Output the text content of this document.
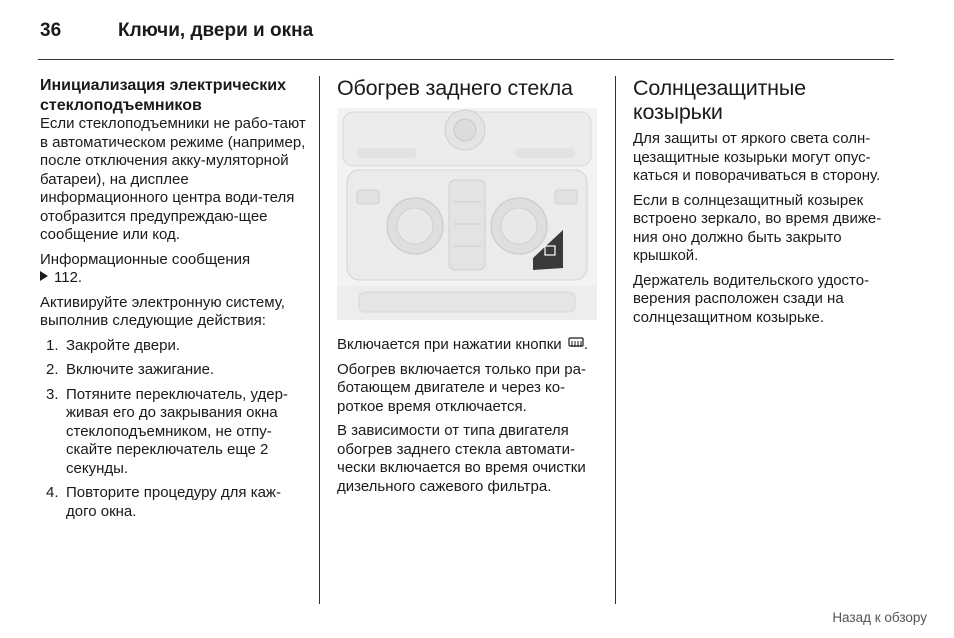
36	Ключи, двери и окна
Инициализация электрических стеклоподъемников

Если стеклоподъемники не рабо-тают в автоматическом режиме (например, после отключения акку-муляторной батареи), на дисплее информационного центра води-теля отобразится предупреждаю-щее сообщение или код.

Информационные сообщения
112.

Активируйте электронную систему, выполнив следующие действия:

1. Закройте двери.
2. Включите зажигание.
3. Потяните переключатель, удер-живая его до закрывания окна стеклоподъемником, не отпу-скайте переключатель еще 2 секунды.
4. Повторите процедуру для каж-дого окна.
Обогрев заднего стекла

Включается при нажатии кнопки .

Обогрев включается только при ра-ботающем двигателе и через ко-роткое время отключается.

В зависимости от типа двигателя обогрев заднего стекла автомати-чески включается во время очистки дизельного сажевого фильтра.

Солнцезащитные козырьки

Для защиты от яркого света солн-цезащитные козырьки могут опус-каться и поворачиваться в сторону.

Если в солнцезащитный козырек встроено зеркало, во время движе-ния оно должно быть закрыто крышкой.

Держатель водительского удосто-верения расположен сзади на солнцезащитном козырьке.

Назад к обзору
